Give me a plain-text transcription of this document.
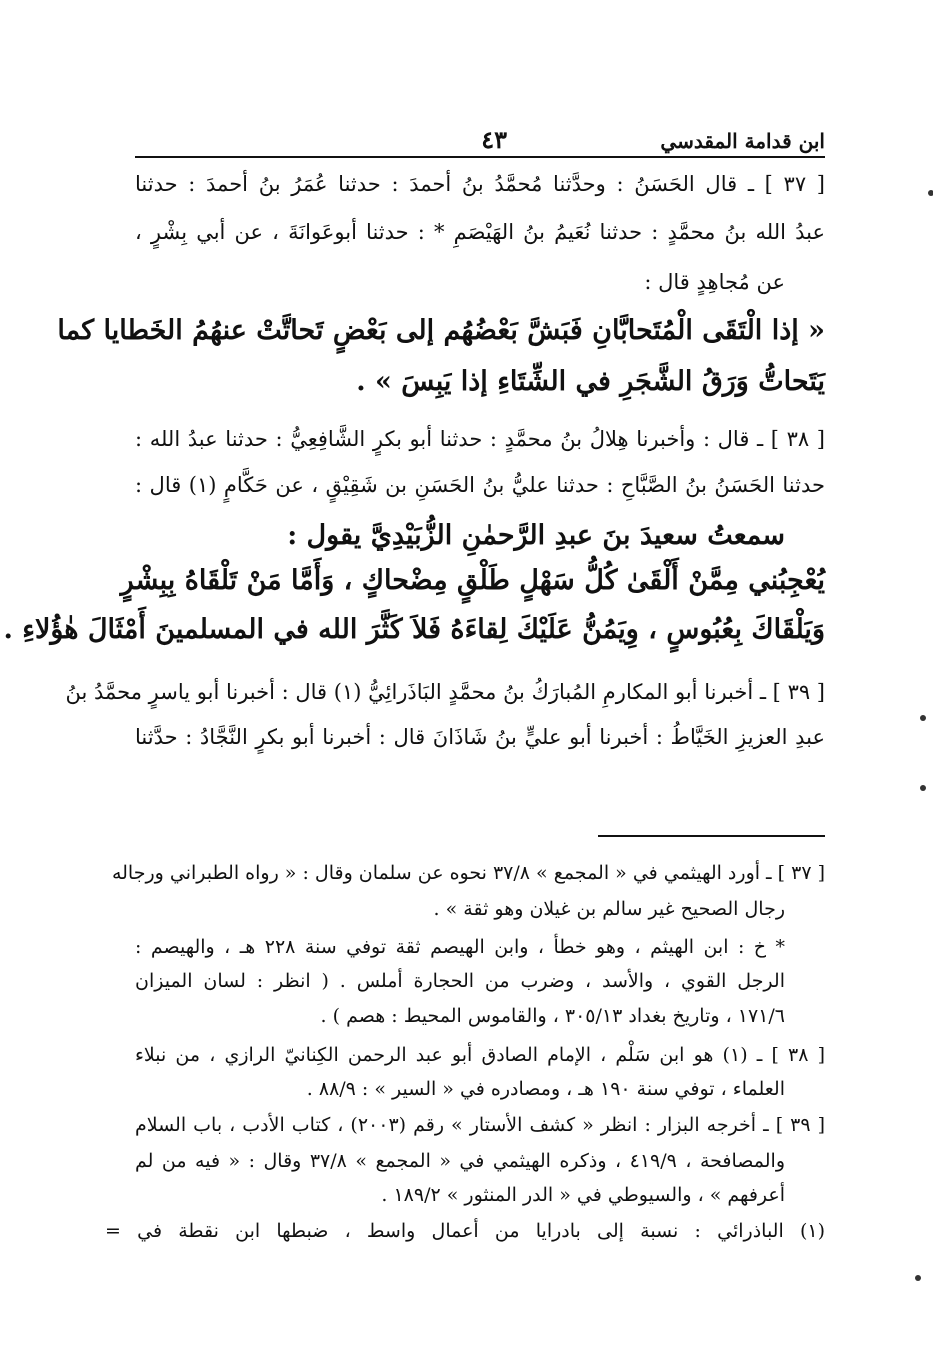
ابن قدامة المقدسي
٤٣
[ ٣٧ ] ـ قال الحَسَنُ : وحدَّثنا مُحمَّدُ بنُ أحمدَ : حدثنا عُمَرُ بنُ أحمدَ : حدثنا
عبدُ الله بنُ محمَّدٍ : حدثنا نُعَيمُ بنُ الهَيْصَمِ * : حدثنا أبوعَوانَةَ ، عن أبي بِشْرٍ ،
عن مُجاهِدٍ قال :
« إذا الْتَقَى الْمُتَحابَّانِ فَبَشَّ بَعْضُهُم إلى بَعْضٍ تَحاتَّتْ عنهُمُ الخَطايا كما
يَتَحاتُّ وَرَقُ الشَّجَرِ في الشِّتَاءِ إذا يَبِسَ » .
[ ٣٨ ] ـ قال : وأخبرنا هِلالُ بنُ محمَّدٍ : حدثنا أبو بكرٍ الشَّافِعِيُّ : حدثنا عبدُ الله :
حدثنا الحَسَنُ بنُ الصَّبَّاحِ : حدثنا عليُّ بنُ الحَسَنِ بن شَقِيْقٍ ، عن حَكَّامٍ (١) قال :
سمعتُ سعيدَ بنَ عبدِ الرَّحمٰنِ الزُّبَيْدِيَّ يقول :
يُعْجِبُني مِمَّنْ أَلْقَىٰ كُلُّ سَهْلٍ طَلْقٍ مِضْحاكٍ ، وَأَمَّا مَنْ تَلْقَاهُ بِبِشْرٍ
وَيَلْقَاكَ بِعُبُوسٍ ، وِيَمُنُّ عَلَيْكَ لِقاءَهُ فَلاَ كَثَّرَ الله في المسلمينَ أَمْثَالَ هٰؤُلاءِ .
[ ٣٩ ] ـ أخبرنا أبو المكارمِ المُبارَكُ بنُ محمَّدٍ البَاذَرائِيُّ (١) قال : أخبرنا أبو ياسرٍ محمَّدُ بنُ
عبدِ العزيزِ الخَيَّاطُ : أخبرنا أبو عليٍّ بنُ شَاذَانَ قال : أخبرنا أبو بكرٍ النَّجَّادُ : حدَّثنا
[ ٣٧ ] ـ أورد الهيثمي في « المجمع » ٣٧/٨ نحوه عن سلمان وقال : « رواه الطبراني ورجاله
رجال الصحيح غير سالم بن غيلان وهو ثقة » .
* خ : ابن الهيثم ، وهو خطأ ، وابن الهيصم ثقة توفي سنة ٢٢٨ هـ ، والهيصم :
الرجل القوي ، والأسد ، وضرب من الحجارة أملس . ( انظر : لسان الميزان
١٧١/٦ ، وتاريخ بغداد ٣٠٥/١٣ ، والقاموس المحيط : هصم ) .
[ ٣٨ ] ـ (١) هو ابن سَلْم ، الإمام الصادق أبو عبد الرحمن الكِنانيّ الرازي ، من نبلاء
العلماء ، توفي سنة ١٩٠ هـ ، ومصادره في « السير » : ٨٨/٩ .
[ ٣٩ ] ـ أخرجه البزار : انظر « كشف الأستار » رقم (٢٠٠٣) ، كتاب الأدب ، باب السلام
والمصافحة ، ٤١٩/٩ ، وذكره الهيثمي في « المجمع » ٣٧/٨ وقال : « فيه من لم
أعرفهم » ، والسيوطي في « الدر المنثور » ١٨٩/٢ .
(١) الباذرائي : نسبة إلى بادرايا من أعمال واسط ، ضبطها ابن نقطة في =
